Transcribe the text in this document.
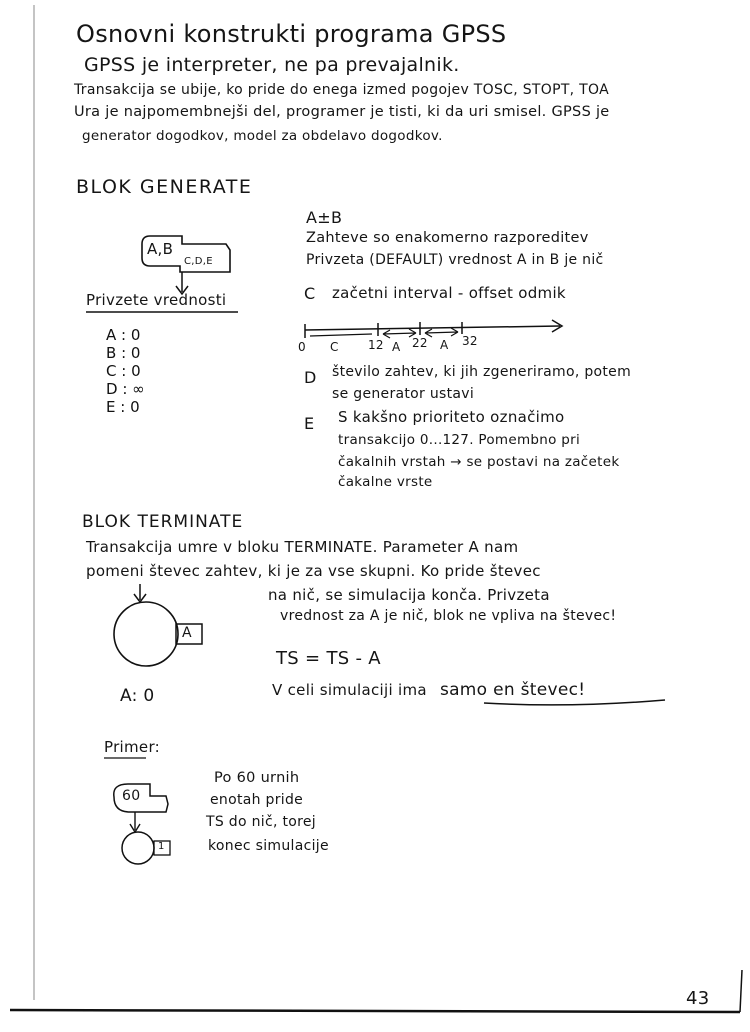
Osnovni konstrukti programa GPSS
GPSS je interpreter, ne pa prevajalnik.
Transakcija se ubije, ko pride do enega izmed pogojev TOSC, STOPT, TOA
Ura je najpomembnejši del, programer je tisti, ki da uri smisel. GPSS je
generator dogodkov, model za obdelavo dogodkov.
BLOK GENERATE
A,B
C,D,E
Privzete vrednosti
A : 0
B : 0
C : 0
D : ∞
E : 0
A±B
Zahteve so enakomerno razporeditev
Privzeta (DEFAULT) vrednost A in B je nič
C začetni interval - offset odmik
0	12 22	32
C	A	A
D število zahtev, ki jih zgeneriramo, potem
se generator ustavi
E S kakšno prioriteto označimo
transakcijo 0...127. Pomembno pri
čakalnih vrstah → se postavi na začetek
čakalne vrste
BLOK TERMINATE
Transakcija umre v bloku TERMINATE. Parameter A nam
pomeni števec zahtev, ki je za vse skupni. Ko pride števec
na nič, se simulacija konča. Privzeta
vrednost za A je nič, blok ne vpliva na števec!
A
TS = TS - A
A: 0	V celi simulaciji ima samo en števec!
Primer:
60
1
Po 60 urnih
enotah pride
TS do nič, torej
konec simulacije
43
